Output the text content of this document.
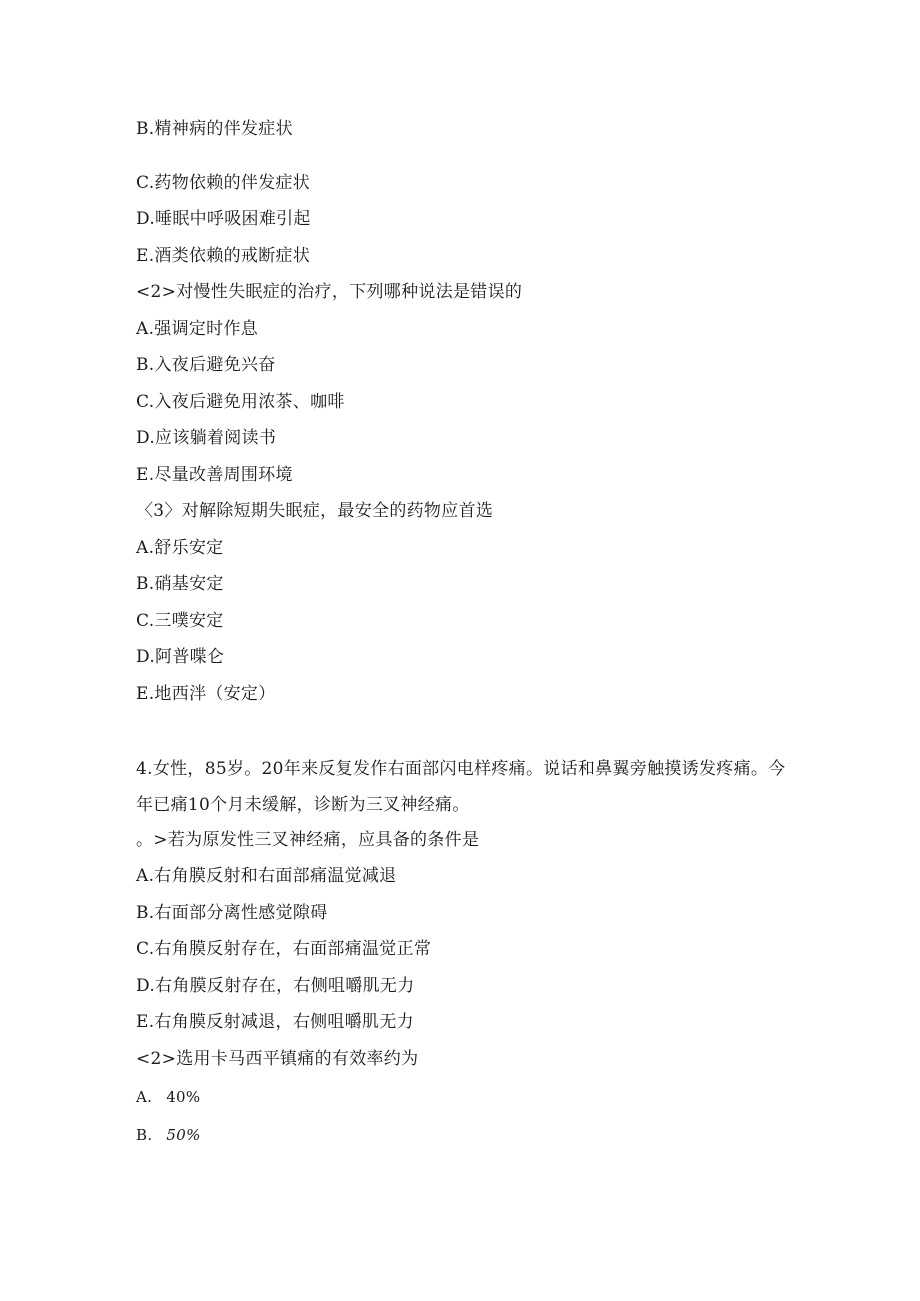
B.精神病的伴发症状
C.药物依赖的伴发症状
D.唾眠中呼吸困难引起
E.酒类依赖的戒断症状
<2>对慢性失眠症的治疗，下列哪种说法是错误的
A.强调定时作息
B.入夜后避免兴奋
C.入夜后避免用浓茶、咖啡
D.应该躺着阅读书
E.尽量改善周围环境
〈3〉对解除短期失眠症，最安全的药物应首选
A.舒乐安定
B.硝基安定
C.三噗安定
D.阿普喋仑
E.地西泮（安定）
4.女性，85岁。20年来反复发作右面部闪电样疼痛。说话和鼻翼旁触摸诱发疼痛。今年已痛10个月未缓解，诊断为三叉神经痛。
。>若为原发性三叉神经痛，应具备的条件是
A.右角膜反射和右面部痛温觉减退
B.右面部分离性感觉隙碍
C.右角膜反射存在，右面部痛温觉正常
D.右角膜反射存在，右侧咀嚼肌无力
E.右角膜反射减退，右侧咀嚼肌无力
<2>选用卡马西平镇痛的有效率约为
A. 40%
B. 50%
